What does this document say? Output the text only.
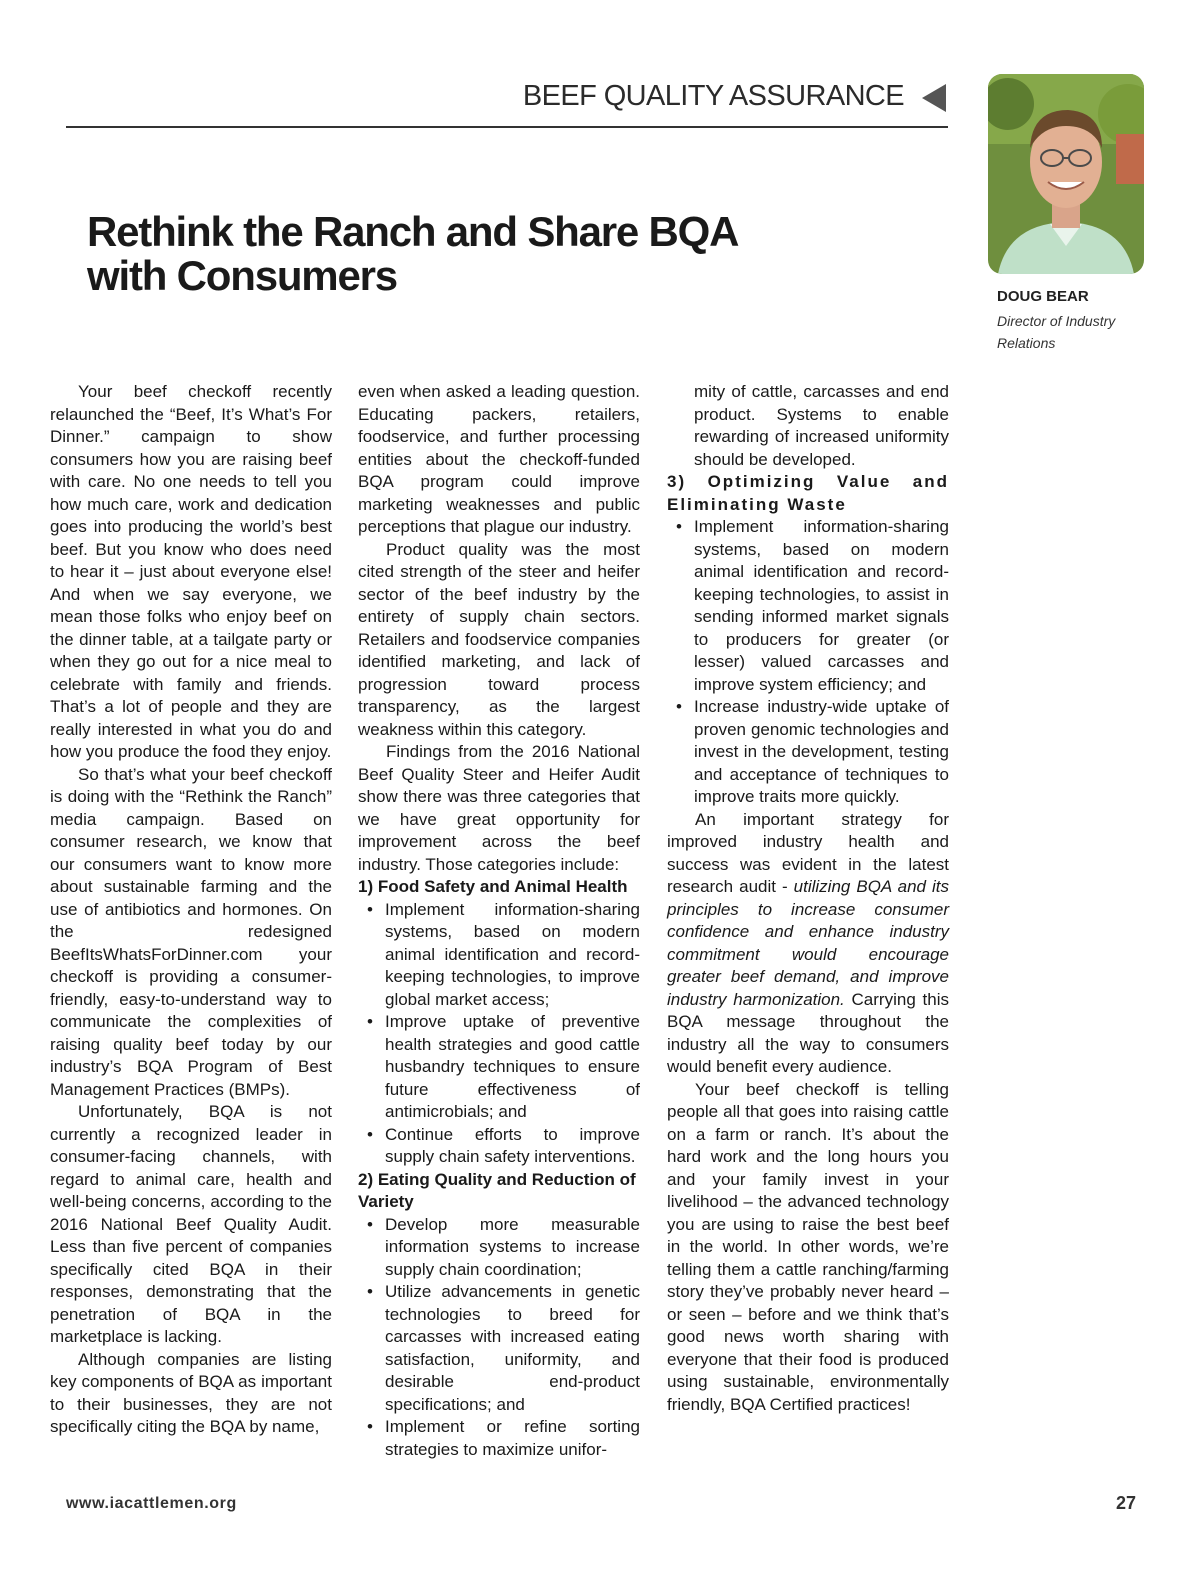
BEEF QUALITY ASSURANCE
DOUG BEAR
Director of Industry Relations
Rethink the Ranch and Share BQA
with Consumers

Your beef checkoff recently relaunched the “Beef, It’s What’s For Dinner.” campaign to show consumers how you are raising beef with care. No one needs to tell you how much care, work and dedication goes into producing the world’s best beef. But you know who does need to hear it – just about everyone else! And when we say everyone, we mean those folks who enjoy beef on the dinner table, at a tailgate party or when they go out for a nice meal to celebrate with family and friends. That’s a lot of people and they are really interested in what you do and how you produce the food they enjoy.

So that’s what your beef checkoff is doing with the “Rethink the Ranch” media campaign. Based on consumer research, we know that our consumers want to know more about sustainable farming and the use of antibiotics and hormones. On the redesigned BeefItsWhatsForDinner.com your checkoff is providing a consumer-friendly, easy-to-understand way to communicate the complexities of raising quality beef today by our industry’s BQA Program of Best Management Practices (BMPs).

Unfortunately, BQA is not currently a recognized leader in consumer-facing channels, with regard to animal care, health and well-being concerns, according to the 2016 National Beef Quality Audit. Less than five percent of companies specifically cited BQA in their responses, demonstrating that the penetration of BQA in the marketplace is lacking.

Although companies are listing key components of BQA as important to their businesses, they are not specifically citing the BQA by name,

even when asked a leading question. Educating packers, retailers, foodservice, and further processing entities about the checkoff-funded BQA program could improve marketing weaknesses and public perceptions that plague our industry.

Product quality was the most cited strength of the steer and heifer sector of the beef industry by the entirety of supply chain sectors. Retailers and foodservice companies identified marketing, and lack of progression toward process transparency, as the largest weakness within this category.

Findings from the 2016 National Beef Quality Steer and Heifer Audit show there was three categories that we have great opportunity for improvement across the beef industry. Those categories include:

1) Food Safety and Animal Health
• Implement information-sharing systems, based on modern animal identification and record-keeping technologies, to improve global market access;
• Improve uptake of preventive health strategies and good cattle husbandry techniques to ensure future effectiveness of antimicrobials; and
• Continue efforts to improve supply chain safety interventions.
2) Eating Quality and Reduction of Variety
• Develop more measurable information systems to increase supply chain coordination;
• Utilize advancements in genetic technologies to breed for carcasses with increased eating satisfaction, uniformity, and desirable end-product specifications; and
• Implement or refine sorting strategies to maximize unifor-

mity of cattle, carcasses and end product. Systems to enable rewarding of increased uniformity should be developed.

3) Optimizing Value and Eliminating Waste
• Implement information-sharing systems, based on modern animal identification and record-keeping technologies, to assist in sending informed market signals to producers for greater (or lesser) valued carcasses and improve system efficiency; and
• Increase industry-wide uptake of proven genomic technologies and invest in the development, testing and acceptance of techniques to improve traits more quickly.

An important strategy for improved industry health and success was evident in the latest research audit - utilizing BQA and its principles to increase consumer confidence and enhance industry commitment would encourage greater beef demand, and improve industry harmonization. Carrying this BQA message throughout the industry all the way to consumers would benefit every audience.

Your beef checkoff is telling people all that goes into raising cattle on a farm or ranch. It’s about the hard work and the long hours you and your family invest in your livelihood – the advanced technology you are using to raise the best beef in the world. In other words, we’re telling them a cattle ranching/farming story they’ve probably never heard – or seen – before and we think that’s good news worth sharing with everyone that their food is produced using sustainable, environmentally friendly, BQA Certified practices!

www.iacattlemen.org	27
